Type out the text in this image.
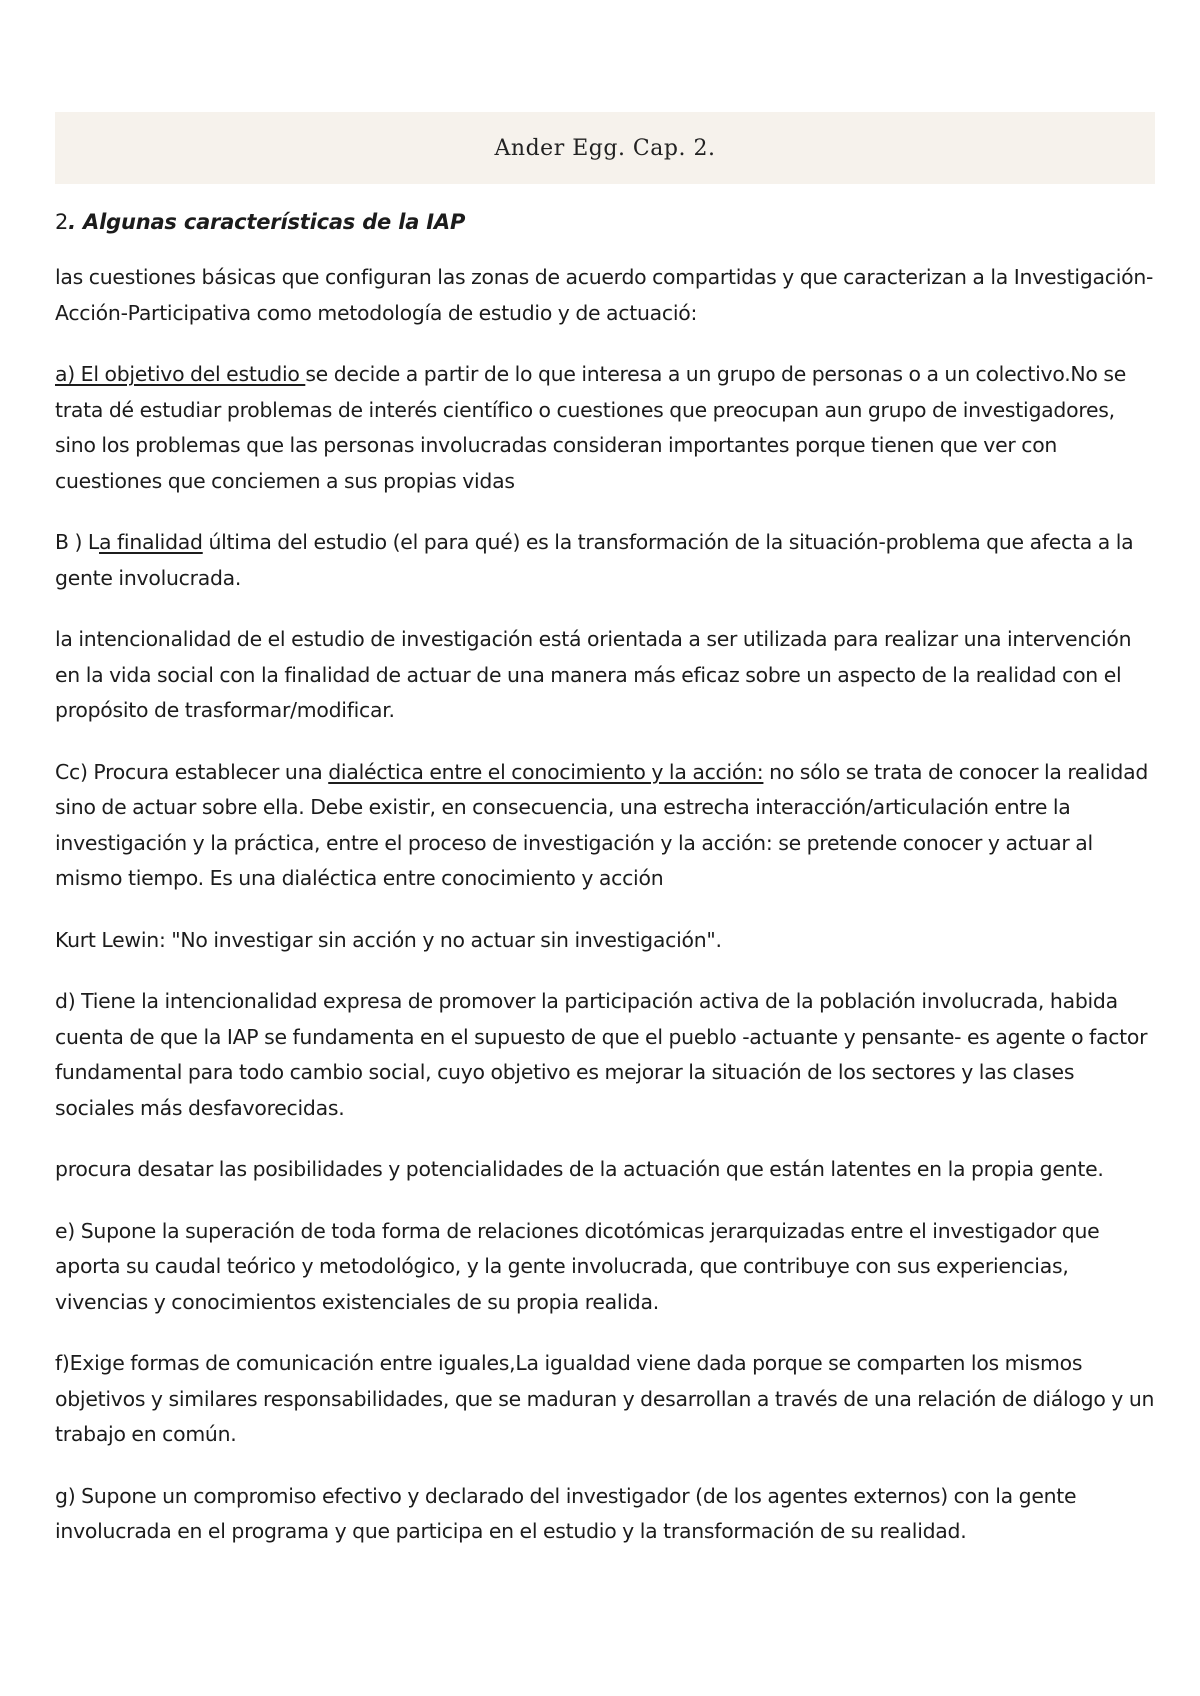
Ander Egg. Cap. 2.
2. Algunas características de la IAP

las cuestiones básicas que configuran las zonas de acuerdo compartidas y que caracterizan a la Investigación-Acción-Participativa como metodología de estudio y de actuació:

a) El objetivo del estudio se decide a partir de lo que interesa a un grupo de personas o a un colectivo.No se trata dé estudiar problemas de interés científico o cuestiones que preocupan aun grupo de investigadores, sino los problemas que las personas involucradas consideran importantes porque tienen que ver con cuestiones que conciemen a sus propias vidas

B ) La finalidad última del estudio (el para qué) es la transformación de la situación-problema que afecta a la gente involucrada.

la intencionalidad de el estudio de investigación está orientada a ser utilizada para realizar una intervención en la vida social con la finalidad de actuar de una manera más eficaz sobre un aspecto de la realidad con el propósito de trasformar/modificar.

Cc) Procura establecer una dialéctica entre el conocimiento y la acción: no sólo se trata de conocer la realidad sino de actuar sobre ella. Debe existir, en consecuencia, una estrecha interacción/articulación entre la investigación y la práctica, entre el proceso de investigación y la acción: se pretende conocer y actuar al mismo tiempo. Es una dialéctica entre conocimiento y acción

Kurt Lewin: "No investigar sin acción y no actuar sin investigación".

d) Tiene la intencionalidad expresa de promover la participación activa de la población involucrada, habida cuenta de que la IAP se fundamenta en el supuesto de que el pueblo -actuante y pensante- es agente o factor fundamental para todo cambio social, cuyo objetivo es mejorar la situación de los sectores y las clases sociales más desfavorecidas.

procura desatar las posibilidades y potencialidades de la actuación que están latentes en la propia gente.

e) Supone la superación de toda forma de relaciones dicotómicas jerarquizadas entre el investigador que aporta su caudal teórico y metodológico, y la gente involucrada, que contribuye con sus experiencias, vivencias y conocimientos existenciales de su propia realida.

f)Exige formas de comunicación entre iguales,La igualdad viene dada porque se comparten los mismos objetivos y similares responsabilidades, que se maduran y desarrollan a través de una relación de diálogo y un trabajo en común.

g) Supone un compromiso efectivo y declarado del investigador (de los agentes externos) con la gente involucrada en el programa y que participa en el estudio y la transformación de su realidad.
